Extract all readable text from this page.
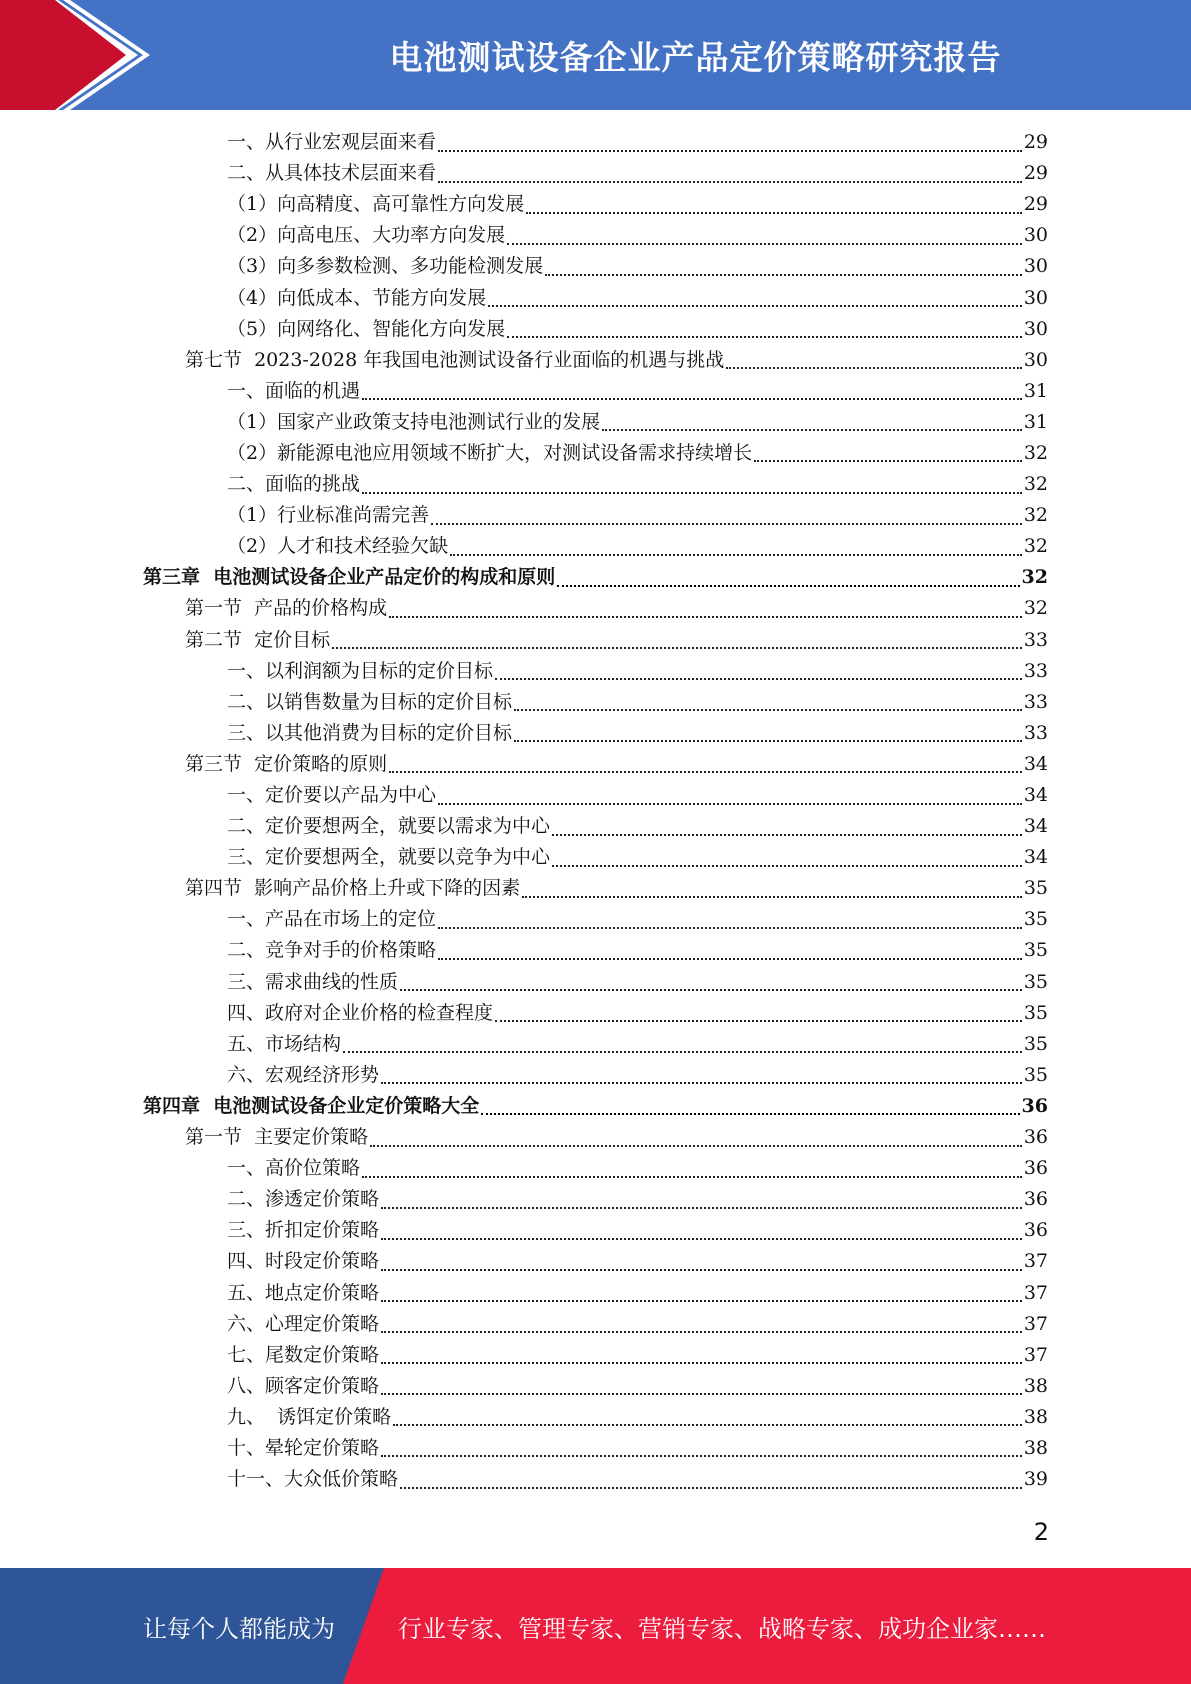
电池测试设备企业产品定价策略研究报告
一、从行业宏观层面来看	29
二、从具体技术层面来看	29
（1）向高精度、高可靠性方向发展	29
（2）向高电压、大功率方向发展	30
（3）向多参数检测、多功能检测发展	30
（4）向低成本、节能方向发展	30
（5）向网络化、智能化方向发展	30
第七节  2023-2028 年我国电池测试设备行业面临的机遇与挑战	30
一、面临的机遇	31
（1）国家产业政策支持电池测试行业的发展	31
（2）新能源电池应用领域不断扩大，对测试设备需求持续增长	32
二、面临的挑战	32
（1）行业标准尚需完善	32
（2）人才和技术经验欠缺	32
第三章  电池测试设备企业产品定价的构成和原则	32
第一节  产品的价格构成	32
第二节  定价目标	33
一、以利润额为目标的定价目标	33
二、以销售数量为目标的定价目标	33
三、以其他消费为目标的定价目标	33
第三节  定价策略的原则	34
一、定价要以产品为中心	34
二、定价要想两全，就要以需求为中心	34
三、定价要想两全，就要以竞争为中心	34
第四节  影响产品价格上升或下降的因素	35
一、产品在市场上的定位	35
二、竞争对手的价格策略	35
三、需求曲线的性质	35
四、政府对企业价格的检查程度	35
五、市场结构	35
六、宏观经济形势	35
第四章  电池测试设备企业定价策略大全	36
第一节  主要定价策略	36
一、高价位策略	36
二、渗透定价策略	36
三、折扣定价策略	36
四、时段定价策略	37
五、地点定价策略	37
六、心理定价策略	37
七、尾数定价策略	37
八、顾客定价策略	38
九、  诱饵定价策略	38
十、晕轮定价策略	38
十一、大众低价策略	39
2
让每个人都能成为	行业专家、管理专家、营销专家、战略专家、成功企业家……
